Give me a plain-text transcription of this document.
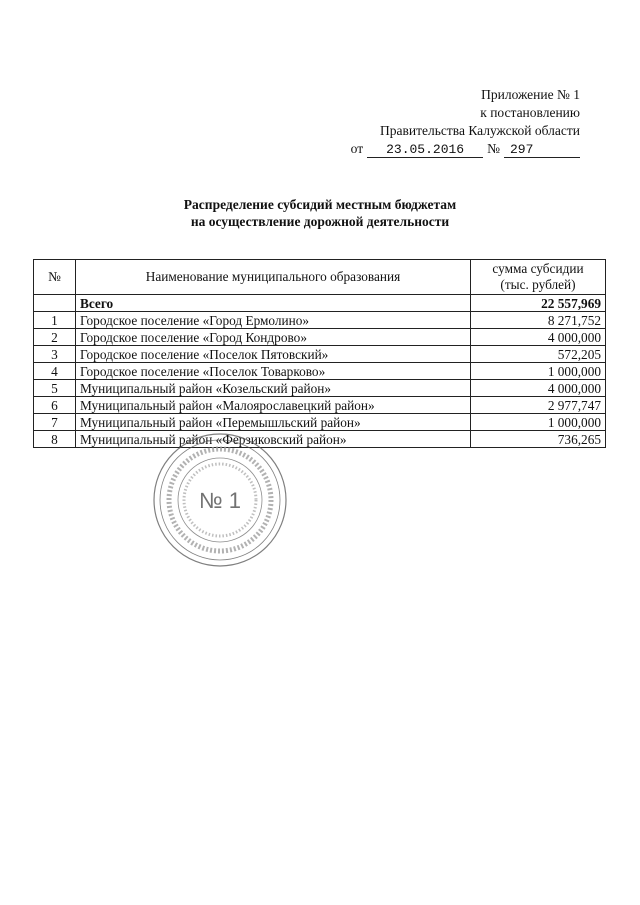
Приложение № 1
к постановлению
Правительства Калужской области
от	23.05.2016	№ 297
Распределение субсидий местным бюджетам
на осуществление дорожной деятельности
№	Наименование муниципального образования	сумма субсидии
(тыс. рублей)

	Всего	22 557,969
1	Городское поселение «Город Ермолино»	8 271,752
2	Городское поселение «Город Кондрово»	4 000,000
3	Городское поселение «Поселок Пятовский»	572,205
4	Городское поселение «Поселок Товарково»	1 000,000
5	Муниципальный район «Козельский район»	4 000,000
6	Муниципальный район «Малоярославецкий район»	2 977,747
7	Муниципальный район «Перемышльский район»	1 000,000
8	Муниципальный район «Ферзиковский район»	736,265
№ 1
